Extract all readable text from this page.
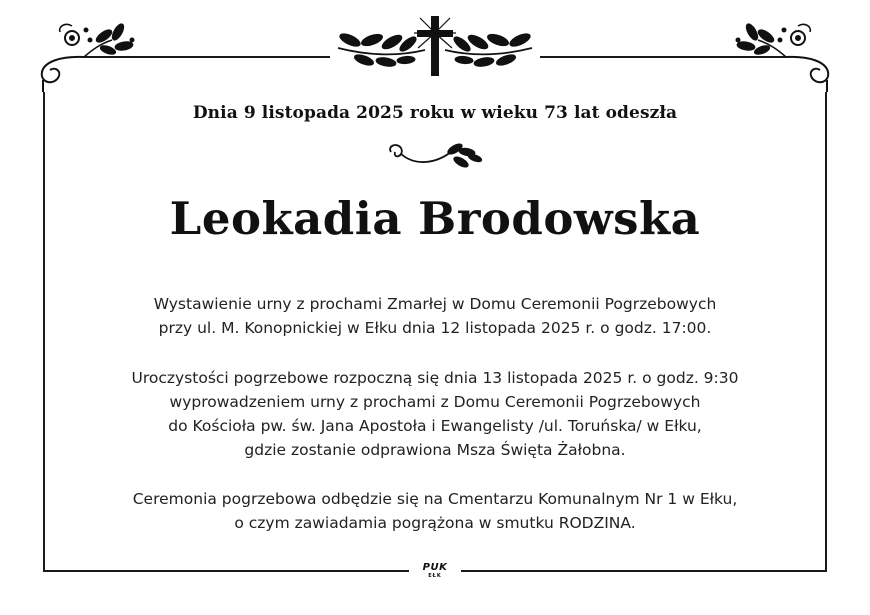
Dnia 9 listopada 2025 roku w wieku 73 lat odeszła
Leokadia Brodowska
Wystawienie urny z prochami Zmarłej w Domu Ceremonii Pogrzebowych
przy ul. M. Konopnickiej w Ełku dnia 12 listopada 2025 r. o godz. 17:00.
Uroczystości pogrzebowe rozpoczną się dnia 13 listopada 2025 r. o godz. 9:30
wyprowadzeniem urny z prochami z Domu Ceremonii Pogrzebowych
do Kościoła pw. św. Jana Apostoła i Ewangelisty /ul. Toruńska/ w Ełku,
gdzie zostanie odprawiona Msza Święta Żałobna.
Ceremonia pogrzebowa odbędzie się na Cmentarzu Komunalnym Nr 1 w Ełku,
o czym zawiadamia pogrążona w smutku RODZINA.
PUK
EŁK
